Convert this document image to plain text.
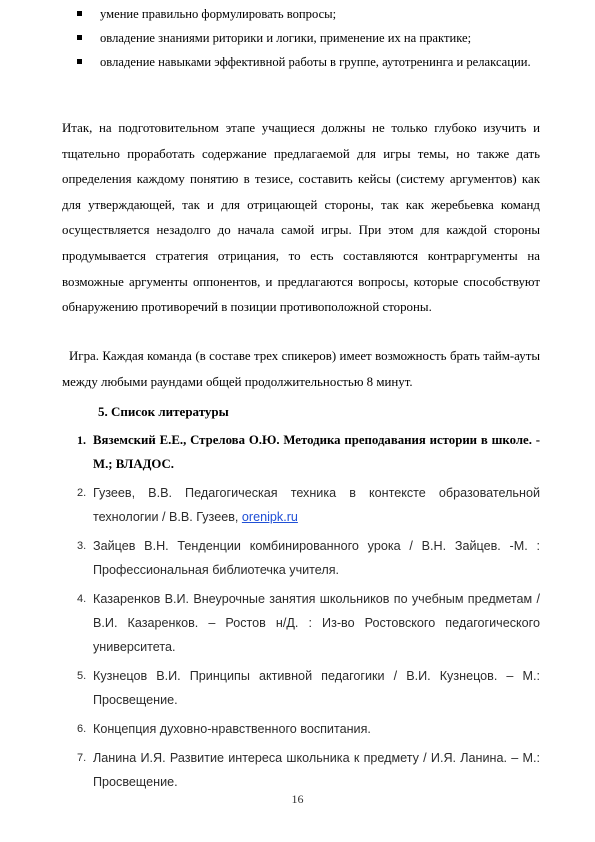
умение правильно формулировать вопросы;
овладение знаниями риторики и логики, применение их на практике;
овладение навыками эффективной работы в группе, аутотренинга и релаксации.

Итак, на подготовительном этапе учащиеся должны не только глубоко изучить и тщательно проработать содержание предлагаемой для игры темы, но также дать определения каждому понятию в тезисе, составить кейсы (систему аргументов) как для утверждающей, так и для отрицающей стороны, так как жеребьевка команд осуществляется незадолго до начала самой игры. При этом для каждой стороны продумывается стратегия отрицания, то есть составляются контраргументы на возможные аргументы оппонентов, и предлагаются вопросы, которые способствуют обнаружению противоречий в позиции противоположной стороны.

Игра. Каждая команда (в составе трех спикеров) имеет возможность брать тайм-ауты между любыми раундами общей продолжительностью 8 минут.

5. Список литературы
1. Вяземский Е.Е., Стрелова О.Ю. Методика преподавания истории в школе. - М.; ВЛАДОС.
2. Гузеев, В.В. Педагогическая техника в контексте образовательной технологии / В.В. Гузеев, orenipk.ru
3. Зайцев В.Н. Тенденции комбинированного урока / В.Н. Зайцев. -М. : Профессиональная библиотечка учителя.
4. Казаренков В.И. Внеурочные занятия школьников по учебным предметам / В.И. Казаренков. – Ростов н/Д. : Из-во Ростовского педагогического университета.
5. Кузнецов В.И. Принципы активной педагогики / В.И. Кузнецов. – М.: Просвещение.
6. Концепция духовно-нравственного воспитания.
7. Ланина И.Я. Развитие интереса школьника к предмету / И.Я. Ланина. – М.: Просвещение.
16
